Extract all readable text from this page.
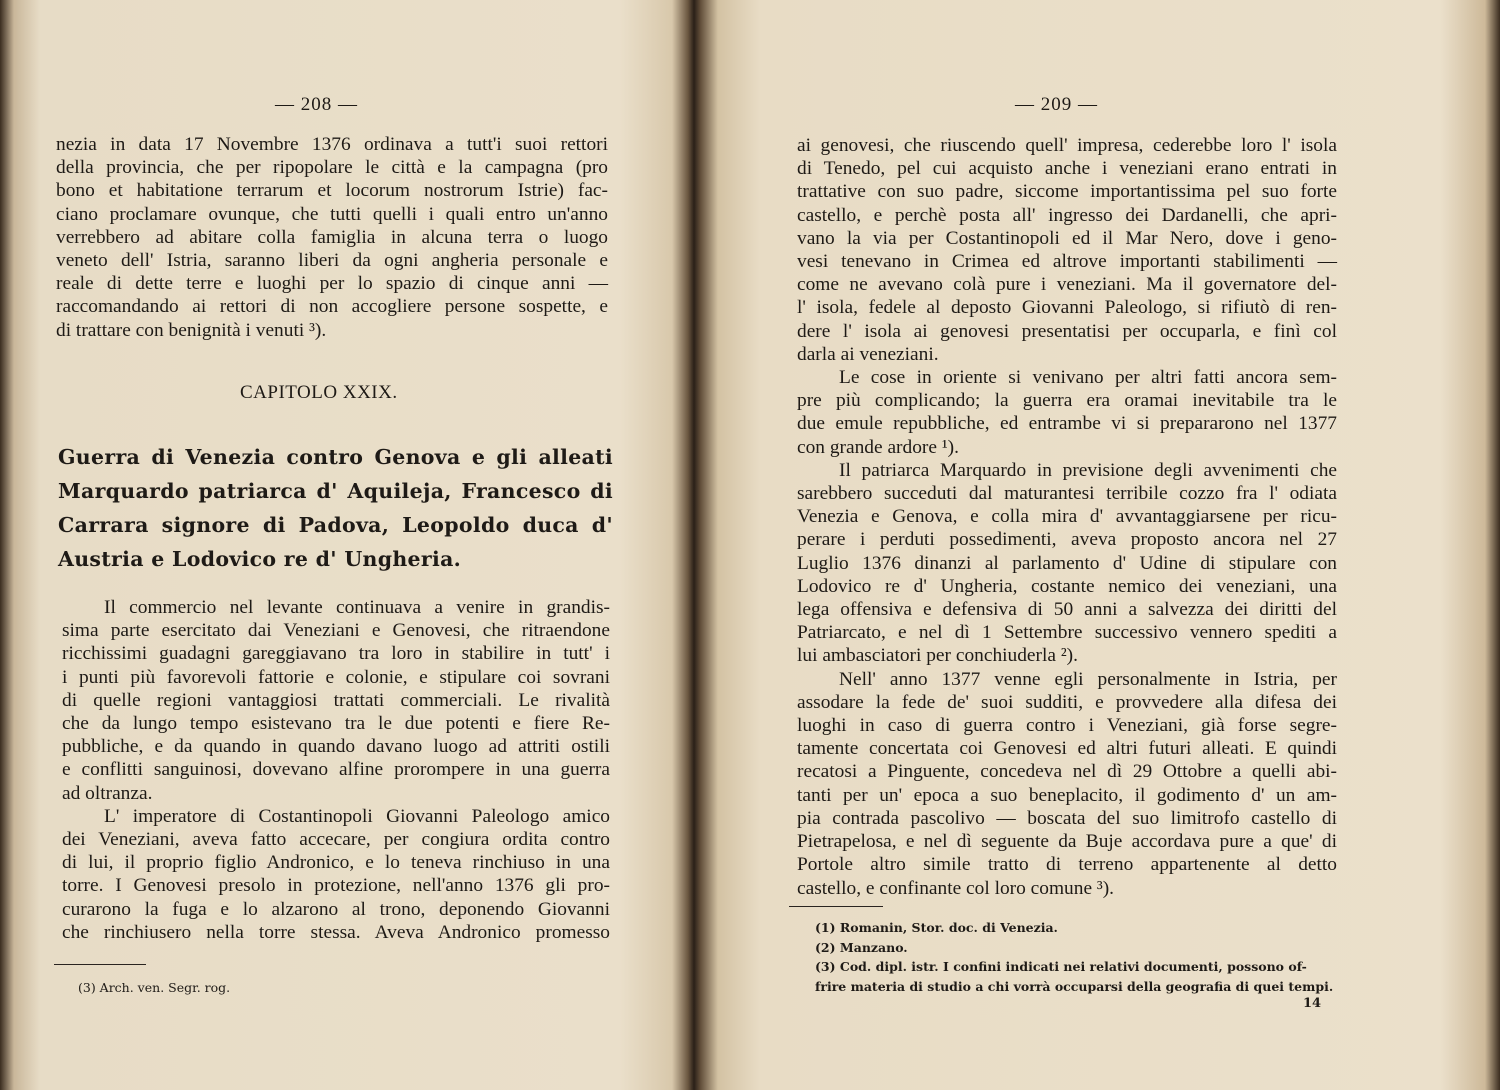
— 208 —
nezia in data 17 Novembre 1376 ordinava a tutt'i suoi rettori
della provincia, che per ripopolare le città e la campagna (pro
bono et habitatione terrarum et locorum nostrorum Istrie) fac-
ciano proclamare ovunque, che tutti quelli i quali entro un'anno
verrebbero ad abitare colla famiglia in alcuna terra o luogo
veneto dell' Istria, saranno liberi da ogni angheria personale e
reale di dette terre e luoghi per lo spazio di cinque anni —
raccomandando ai rettori di non accogliere persone sospette, e
di trattare con benignità i venuti ³).
CAPITOLO XXIX.
Guerra di Venezia contro Genova e gli alleati Marquardo patriarca d' Aquileja, Francesco di Carrara signore di Padova, Leopoldo duca d' Austria e Lodovico re d' Ungheria.
Il commercio nel levante continuava a venire in grandis-
sima parte esercitato dai Veneziani e Genovesi, che ritraendone
ricchissimi guadagni gareggiavano tra loro in stabilire in tutt' i
i punti più favorevoli fattorie e colonie, e stipulare coi sovrani
di quelle regioni vantaggiosi trattati commerciali. Le rivalità
che da lungo tempo esistevano tra le due potenti e fiere Re-
pubbliche, e da quando in quando davano luogo ad attriti ostili
e conflitti sanguinosi, dovevano alfine prorompere in una guerra
ad oltranza.
L' imperatore di Costantinopoli Giovanni Paleologo amico
dei Veneziani, aveva fatto accecare, per congiura ordita contro
di lui, il proprio figlio Andronico, e lo teneva rinchiuso in una
torre. I Genovesi presolo in protezione, nell'anno 1376 gli pro-
curarono la fuga e lo alzarono al trono, deponendo Giovanni
che rinchiusero nella torre stessa. Aveva Andronico promesso
(3) Arch. ven. Segr. rog.
— 209 —
ai genovesi, che riuscendo quell' impresa, cederebbe loro l' isola
di Tenedo, pel cui acquisto anche i veneziani erano entrati in
trattative con suo padre, siccome importantissima pel suo forte
castello, e perchè posta all' ingresso dei Dardanelli, che apri-
vano la via per Costantinopoli ed il Mar Nero, dove i geno-
vesi tenevano in Crimea ed altrove importanti stabilimenti —
come ne avevano colà pure i veneziani. Ma il governatore del-
l' isola, fedele al deposto Giovanni Paleologo, si rifiutò di ren-
dere l' isola ai genovesi presentatisi per occuparla, e finì col
darla ai veneziani.
Le cose in oriente si venivano per altri fatti ancora sem-
pre più complicando; la guerra era oramai inevitabile tra le
due emule repubbliche, ed entrambe vi si prepararono nel 1377
con grande ardore ¹).
Il patriarca Marquardo in previsione degli avvenimenti che
sarebbero succeduti dal maturantesi terribile cozzo fra l' odiata
Venezia e Genova, e colla mira d' avvantaggiarsene per ricu-
perare i perduti possedimenti, aveva proposto ancora nel 27
Luglio 1376 dinanzi al parlamento d' Udine di stipulare con
Lodovico re d' Ungheria, costante nemico dei veneziani, una
lega offensiva e defensiva di 50 anni a salvezza dei diritti del
Patriarcato, e nel dì 1 Settembre successivo vennero spediti a
lui ambasciatori per conchiuderla ²).
Nell' anno 1377 venne egli personalmente in Istria, per
assodare la fede de' suoi sudditi, e provvedere alla difesa dei
luoghi in caso di guerra contro i Veneziani, già forse segre-
tamente concertata coi Genovesi ed altri futuri alleati. E quindi
recatosi a Pinguente, concedeva nel dì 29 Ottobre a quelli abi-
tanti per un' epoca a suo beneplacito, il godimento d' un am-
pia contrada pascolivo — boscata del suo limitrofo castello di
Pietrapelosa, e nel dì seguente da Buje accordava pure a que' di
Portole altro simile tratto di terreno appartenente al detto
castello, e confinante col loro comune ³).
(1) Romanin, Stor. doc. di Venezia.
(2) Manzano.
(3) Cod. dipl. istr. I confini indicati nei relativi documenti, possono of-
frire materia di studio a chi vorrà occuparsi della geografia di quei tempi.
14
